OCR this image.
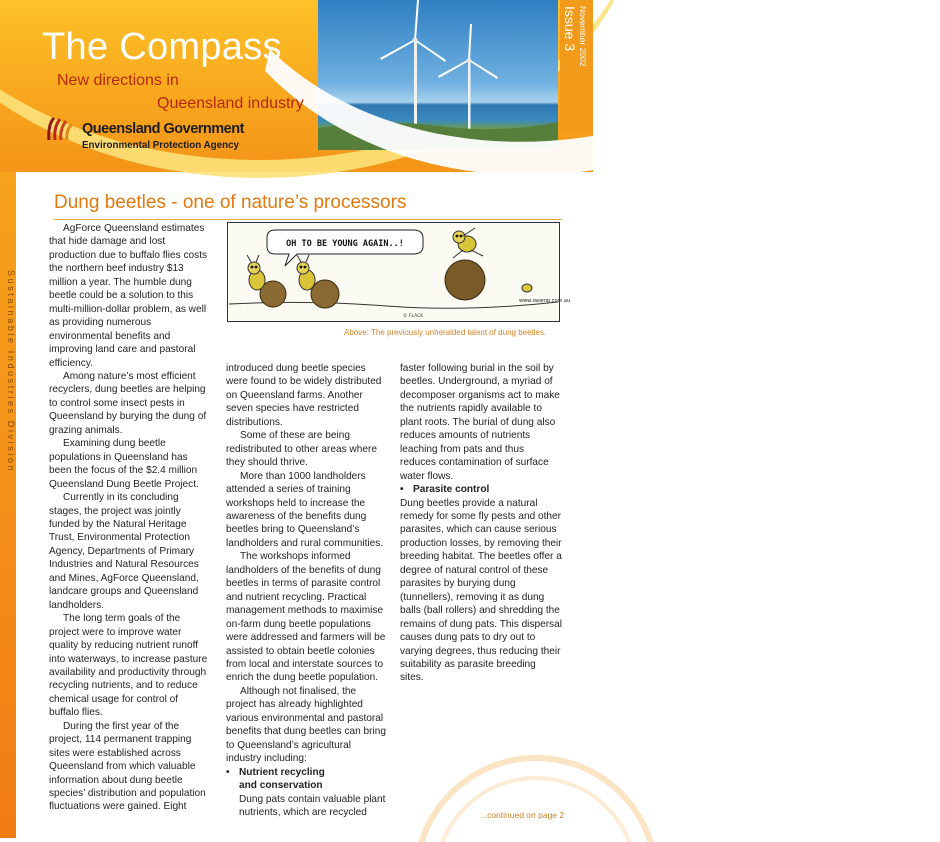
The Compass
New directions in
Queensland industry
Queensland Government
Environmental Protection Agency
Issue 3 November 2002
Sustainable Industries Division
Dung beetles - one of nature’s processors

AgForce Queensland estimates that hide damage and lost production due to buffalo flies costs the northern beef industry $13 million a year. The humble dung beetle could be a solution to this multi-million-dollar problem, as well as providing numerous environmental benefits and improving land care and pastoral efficiency.

Among nature’s most efficient recyclers, dung beetles are helping to control some insect pests in Queensland by burying the dung of grazing animals.

Examining dung beetle populations in Queensland has been the focus of the $2.4 million Queensland Dung Beetle Project.

Currently in its concluding stages, the project was jointly funded by the Natural Heritage Trust, Environmental Protection Agency, Departments of Primary Industries and Natural Resources and Mines, AgForce Queensland, landcare groups and Queensland landholders.

The long term goals of the project were to improve water quality by reducing nutrient runoff into waterways, to increase pasture availability and productivity through recycling nutrients, and to reduce chemical usage for control of buffalo flies.

During the first year of the project, 114 permanent trapping sites were established across Queensland from which valuable information about dung beetle species’ distribution and population fluctuations were gained. Eight

OH TO BE YOUNG AGAIN..!
© FLACK
www.swamp.com.au
Above: The previously unheralded talent of dung beetles.

introduced dung beetle species were found to be widely distributed on Queensland farms. Another seven species have restricted distributions.

Some of these are being redistributed to other areas where they should thrive.

More than 1000 landholders attended a series of training workshops held to increase the awareness of the benefits dung beetles bring to Queensland’s landholders and rural communities.

The workshops informed landholders of the benefits of dung beetles in terms of parasite control and nutrient recycling. Practical management methods to maximise on-farm dung beetle populations were addressed and farmers will be assisted to obtain beetle colonies from local and interstate sources to enrich the dung beetle population.

Although not finalised, the project has already highlighted various environmental and pastoral benefits that dung beetles can bring to Queensland’s agricultural industry including:

• Nutrient recycling
and conservation

Dung pats contain valuable plant nutrients, which are recycled

faster following burial in the soil by beetles. Underground, a myriad of decomposer organisms act to make the nutrients rapidly available to plant roots. The burial of dung also reduces amounts of nutrients leaching from pats and thus reduces contamination of surface water flows.

• Parasite control

Dung beetles provide a natural remedy for some fly pests and other parasites, which can cause serious production losses, by removing their breeding habitat. The beetles offer a degree of natural control of these parasites by burying dung (tunnellers), removing it as dung balls (ball rollers) and shredding the remains of dung pats. This dispersal causes dung pats to dry out to varying degrees, thus reducing their suitability as parasite breeding sites.

...continued on page 2
